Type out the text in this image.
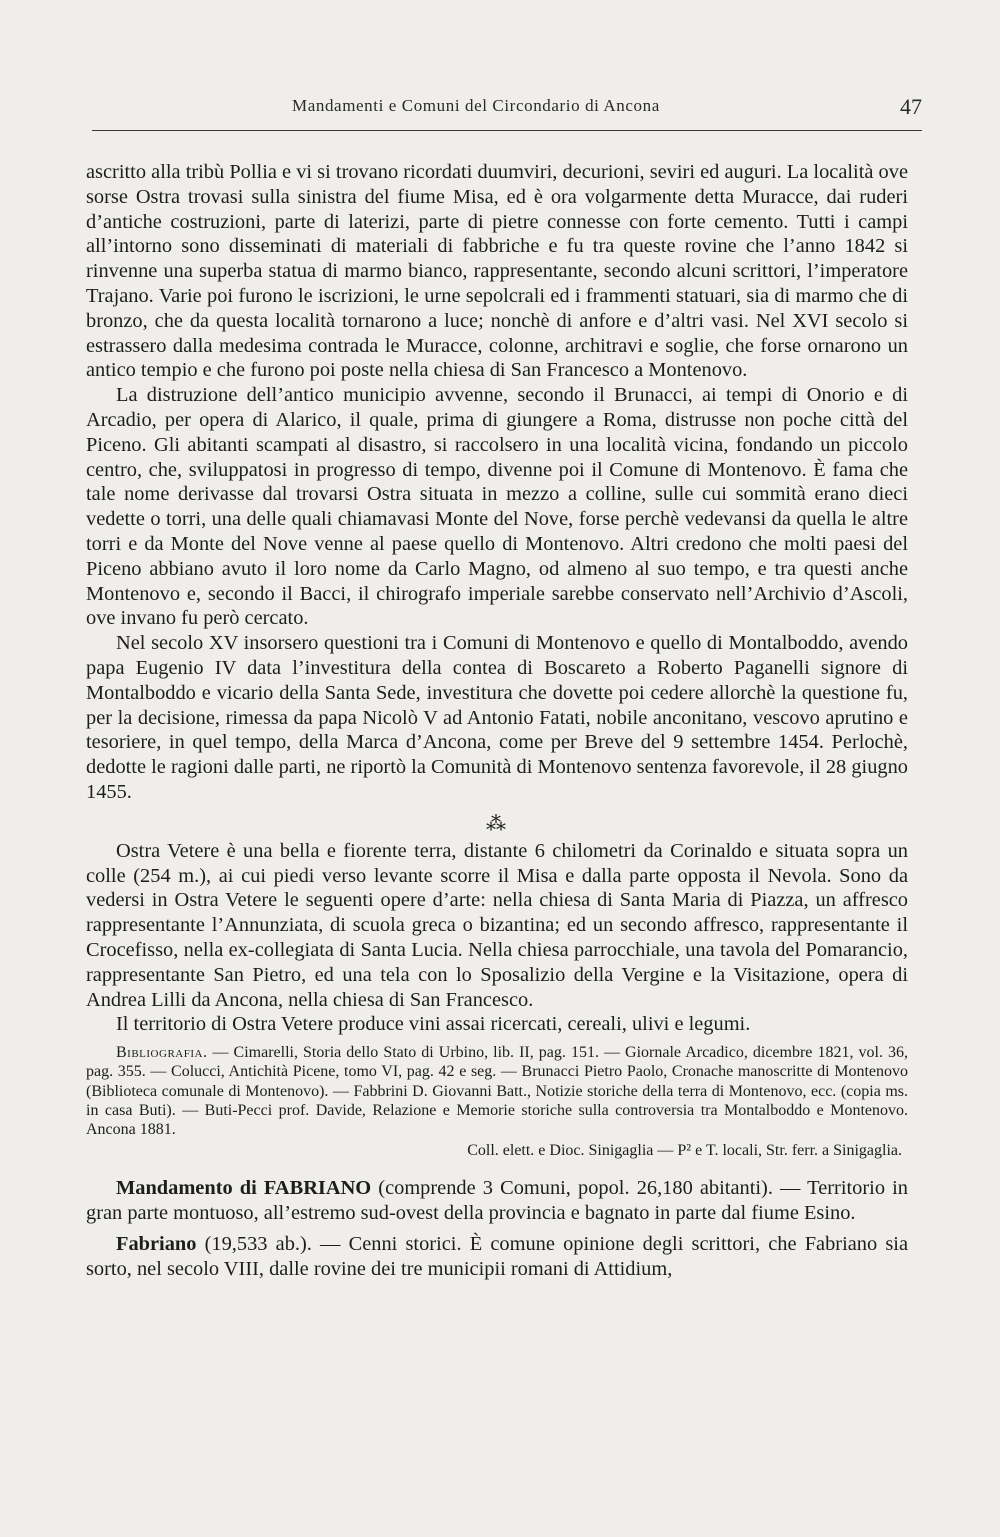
Mandamenti e Comuni del Circondario di Ancona	47

ascritto alla tribù Pollia e vi si trovano ricordati duumviri, decurioni, seviri ed auguri. La località ove sorse Ostra trovasi sulla sinistra del fiume Misa, ed è ora volgarmente detta Muracce, dai ruderi d’antiche costruzioni, parte di laterizi, parte di pietre connesse con forte cemento. Tutti i campi all’intorno sono disseminati di materiali di fabbriche e fu tra queste rovine che l’anno 1842 si rinvenne una superba statua di marmo bianco, rappresentante, secondo alcuni scrittori, l’imperatore Trajano. Varie poi furono le iscrizioni, le urne sepolcrali ed i frammenti statuari, sia di marmo che di bronzo, che da questa località tornarono a luce; nonchè di anfore e d’altri vasi. Nel XVI secolo si estrassero dalla medesima contrada le Muracce, colonne, architravi e soglie, che forse ornarono un antico tempio e che furono poi poste nella chiesa di San Francesco a Montenovo.

La distruzione dell’antico municipio avvenne, secondo il Brunacci, ai tempi di Onorio e di Arcadio, per opera di Alarico, il quale, prima di giungere a Roma, distrusse non poche città del Piceno. Gli abitanti scampati al disastro, si raccolsero in una località vicina, fondando un piccolo centro, che, sviluppatosi in progresso di tempo, divenne poi il Comune di Montenovo. È fama che tale nome derivasse dal trovarsi Ostra situata in mezzo a colline, sulle cui sommità erano dieci vedette o torri, una delle quali chiamavasi Monte del Nove, forse perchè vedevansi da quella le altre torri e da Monte del Nove venne al paese quello di Montenovo. Altri credono che molti paesi del Piceno abbiano avuto il loro nome da Carlo Magno, od almeno al suo tempo, e tra questi anche Montenovo e, secondo il Bacci, il chirografo imperiale sarebbe conservato nell’Archivio d’Ascoli, ove invano fu però cercato.

Nel secolo XV insorsero questioni tra i Comuni di Montenovo e quello di Montalboddo, avendo papa Eugenio IV data l’investitura della contea di Boscareto a Roberto Paganelli signore di Montalboddo e vicario della Santa Sede, investitura che dovette poi cedere allorchè la questione fu, per la decisione, rimessa da papa Nicolò V ad Antonio Fatati, nobile anconitano, vescovo aprutino e tesoriere, in quel tempo, della Marca d’Ancona, come per Breve del 9 settembre 1454. Perlochè, dedotte le ragioni dalle parti, ne riportò la Comunità di Montenovo sentenza favorevole, il 28 giugno 1455.

⁂

Ostra Vetere è una bella e fiorente terra, distante 6 chilometri da Corinaldo e situata sopra un colle (254 m.), ai cui piedi verso levante scorre il Misa e dalla parte opposta il Nevola. Sono da vedersi in Ostra Vetere le seguenti opere d’arte: nella chiesa di Santa Maria di Piazza, un affresco rappresentante l’Annunziata, di scuola greca o bizantina; ed un secondo affresco, rappresentante il Crocefisso, nella ex-collegiata di Santa Lucia. Nella chiesa parrocchiale, una tavola del Pomarancio, rappresentante San Pietro, ed una tela con lo Sposalizio della Vergine e la Visitazione, opera di Andrea Lilli da Ancona, nella chiesa di San Francesco.

Il territorio di Ostra Vetere produce vini assai ricercati, cereali, ulivi e legumi.

Bibliografia. — Cimarelli, Storia dello Stato di Urbino, lib. II, pag. 151. — Giornale Arcadico, dicembre 1821, vol. 36, pag. 355. — Colucci, Antichità Picene, tomo VI, pag. 42 e seg. — Brunacci Pietro Paolo, Cronache manoscritte di Montenovo (Biblioteca comunale di Montenovo). — Fabbrini D. Giovanni Batt., Notizie storiche della terra di Montenovo, ecc. (copia ms. in casa Buti). — Buti-Pecci prof. Davide, Relazione e Memorie storiche sulla controversia tra Montalboddo e Montenovo. Ancona 1881.

Coll. elett. e Dioc. Sinigaglia — P² e T. locali, Str. ferr. a Sinigaglia.

Mandamento di FABRIANO (comprende 3 Comuni, popol. 26,180 abitanti). — Territorio in gran parte montuoso, all’estremo sud-ovest della provincia e bagnato in parte dal fiume Esino.

Fabriano (19,533 ab.). — Cenni storici. È comune opinione degli scrittori, che Fabriano sia sorto, nel secolo VIII, dalle rovine dei tre municipii romani di Attidium,
